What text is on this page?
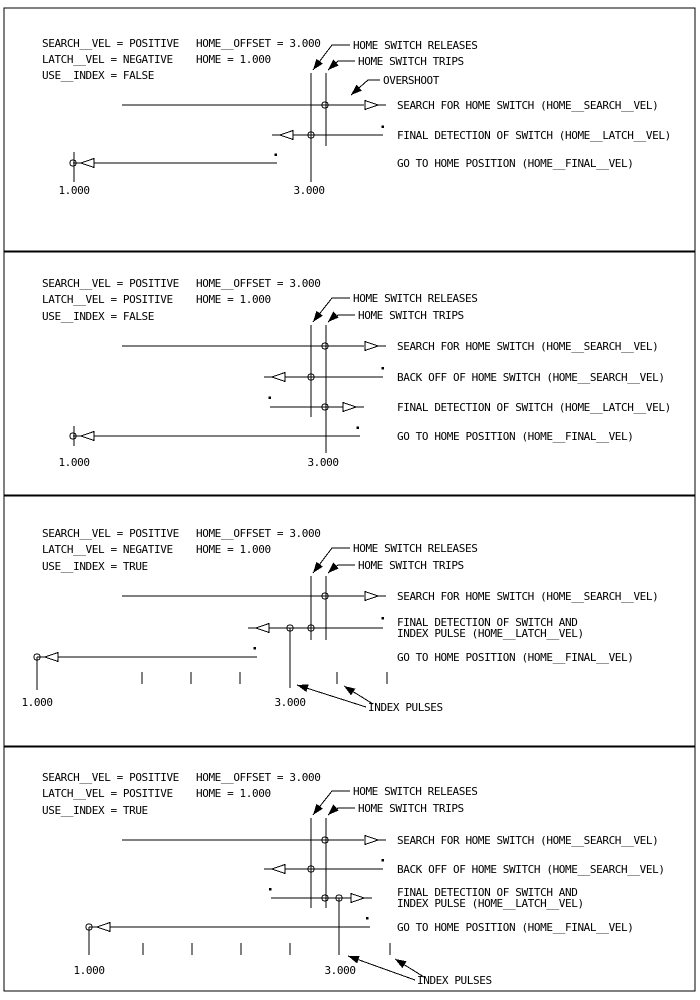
SEARCH__VEL = POSITIVE HOME__OFFSET = 3.000
LATCH__VEL = NEGATIVE HOME = 1.000
USE__INDEX = FALSE
HOME SWITCH RELEASES
HOME SWITCH TRIPS
OVERSHOOT
SEARCH FOR HOME SWITCH (HOME__SEARCH__VEL)
FINAL DETECTION OF SWITCH (HOME__LATCH__VEL)
GO TO HOME POSITION (HOME__FINAL__VEL)
1.000	3.000
SEARCH__VEL = POSITIVE HOME__OFFSET = 3.000
LATCH__VEL = POSITIVE HOME = 1.000
USE__INDEX = FALSE
HOME SWITCH RELEASES
HOME SWITCH TRIPS
SEARCH FOR HOME SWITCH (HOME__SEARCH__VEL)
BACK OFF OF HOME SWITCH (HOME__SEARCH__VEL)
FINAL DETECTION OF SWITCH (HOME__LATCH__VEL)
GO TO HOME POSITION (HOME__FINAL__VEL)
1.000	3.000
SEARCH__VEL = POSITIVE HOME__OFFSET = 3.000
LATCH__VEL = NEGATIVE HOME = 1.000
USE__INDEX = TRUE
HOME SWITCH RELEASES
HOME SWITCH TRIPS
SEARCH FOR HOME SWITCH (HOME__SEARCH__VEL)
FINAL DETECTION OF SWITCH AND
INDEX PULSE (HOME__LATCH__VEL)
GO TO HOME POSITION (HOME__FINAL__VEL)
1.000	3.000	INDEX PULSES
SEARCH__VEL = POSITIVE HOME__OFFSET = 3.000
LATCH__VEL = POSITIVE HOME = 1.000
USE__INDEX = TRUE
HOME SWITCH RELEASES
HOME SWITCH TRIPS
SEARCH FOR HOME SWITCH (HOME__SEARCH__VEL)
BACK OFF OF HOME SWITCH (HOME__SEARCH__VEL)
FINAL DETECTION OF SWITCH AND
INDEX PULSE (HOME__LATCH__VEL)
GO TO HOME POSITION (HOME__FINAL__VEL)
1.000	3.000
INDEX PULSES
